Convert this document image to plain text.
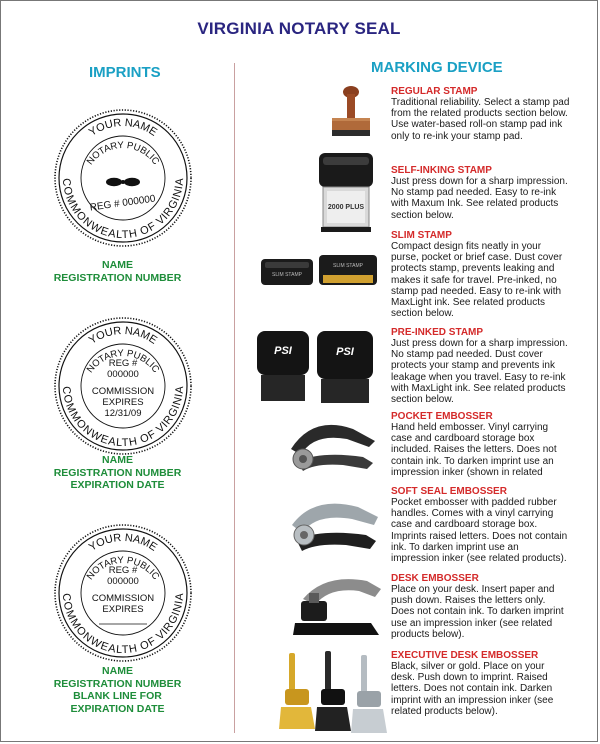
VIRGINIA NOTARY SEAL
IMPRINTS	MARKING DEVICE
YOUR NAME
COMMONWEALTH OF VIRGINIA
NOTARY PUBLIC
REG # 000000
NAME
REGISTRATION NUMBER
YOUR NAME
COMMONWEALTH OF VIRGINIA
NOTARY PUBLIC
REG #
000000
COMMISSION
EXPIRES
12/31/09
NAME
REGISTRATION NUMBER
EXPIRATION DATE
YOUR NAME
COMMONWEALTH OF VIRGINIA
NOTARY PUBLIC
REG #
000000
COMMISSION
EXPIRES
NAME
REGISTRATION NUMBER
BLANK LINE FOR
EXPIRATION DATE
2000 PLUS
SLIM STAMP
SLIM STAMP
PSI	PSI
REGULAR STAMP
Traditional reliability. Select a stamp pad
from the related products section below.
Use water-based roll-on stamp pad ink
only to re-ink your stamp pad.
SELF-INKING STAMP
Just press down for a sharp impression.
No stamp pad needed. Easy to re-ink
with Maxum Ink. See related products
section below.
SLIM STAMP
Compact design fits neatly in your
purse, pocket or brief case. Dust cover
protects stamp, prevents leaking and
makes it safe for travel. Pre-inked, no
stamp pad needed. Easy to re-ink with
MaxLight ink. See related products
section below.
PRE-INKED STAMP
Just press down for a sharp impression.
No stamp pad needed. Dust cover
protects your stamp and prevents ink
leakage when you travel. Easy to re-ink
with MaxLight ink. See related products
section below.
POCKET EMBOSSER
Hand held embosser. Vinyl carrying
case and cardboard storage box
included. Raises the letters. Does not
contain ink. To darken imprint use an
impression inker (shown in related
SOFT SEAL EMBOSSER
Pocket embosser with padded rubber
handles. Comes with a vinyl carrying
case and cardboard storage box.
Imprints raised letters. Does not contain
ink. To darken imprint use an
impression inker (see related products).
DESK EMBOSSER
Place on your desk. Insert paper and
push down. Raises the letters only.
Does not contain ink. To darken imprint
use an impression inker (see related
products below).
EXECUTIVE DESK EMBOSSER
Black, silver or gold. Place on your
desk. Push down to imprint. Raised
letters. Does not contain ink. Darken
imprint with an impression inker (see
related products below).
